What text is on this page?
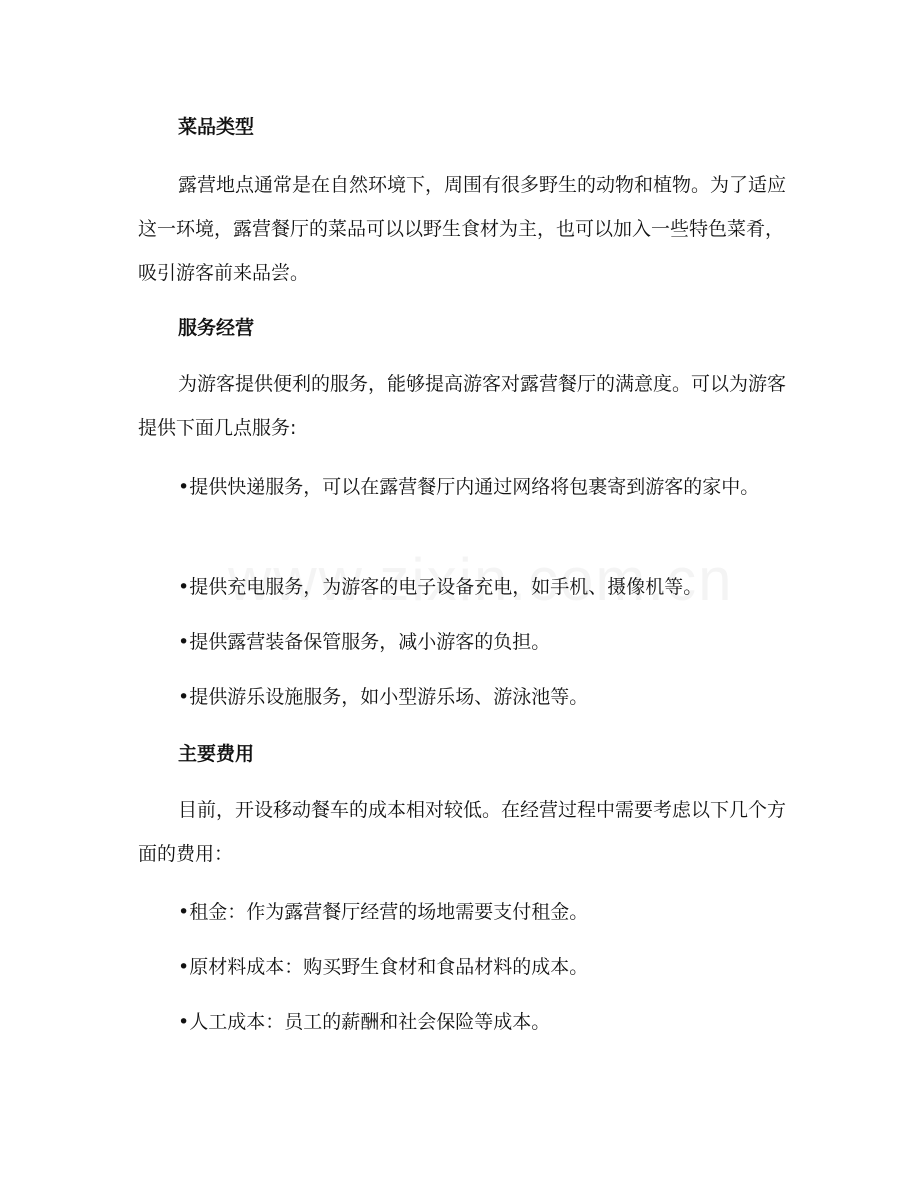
菜品类型

露营地点通常是在自然环境下，周围有很多野生的动物和植物。为了适应这一环境，露营餐厅的菜品可以以野生食材为主，也可以加入一些特色菜肴，吸引游客前来品尝。

服务经营

为游客提供便利的服务，能够提高游客对露营餐厅的满意度。可以为游客提供下面几点服务:

•提供快递服务，可以在露营餐厅内通过网络将包裹寄到游客的家中。

•提供充电服务，为游客的电子设备充电，如手机、摄像机等。

•提供露营装备保管服务，减小游客的负担。

•提供游乐设施服务，如小型游乐场、游泳池等。

主要费用

目前，开设移动餐车的成本相对较低。在经营过程中需要考虑以下几个方面的费用：

•租金：作为露营餐厅经营的场地需要支付租金。

•原材料成本：购买野生食材和食品材料的成本。

•人工成本：员工的薪酬和社会保险等成本。
